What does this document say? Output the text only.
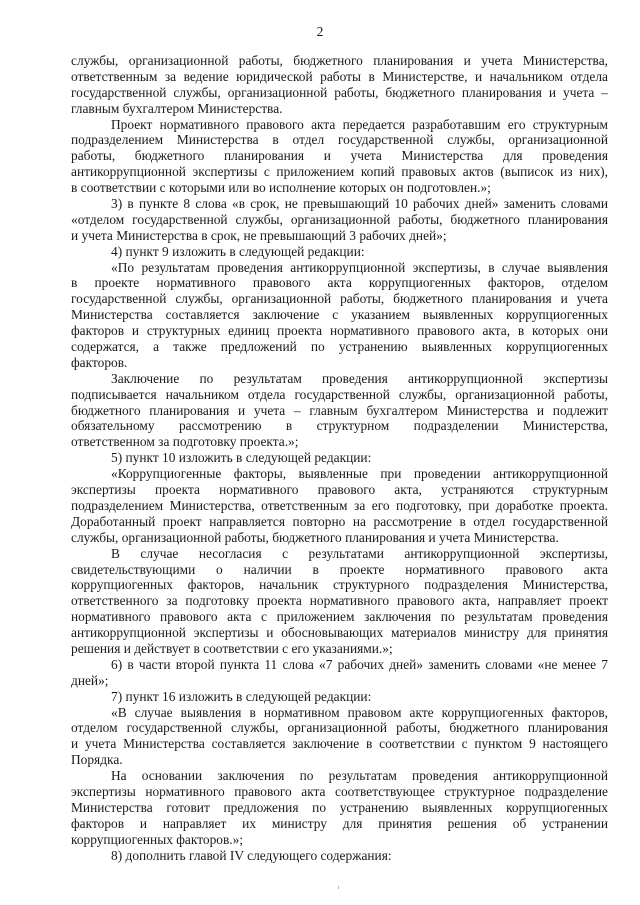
2
службы, организационной работы, бюджетного планирования и учета Министерства,
ответственным за ведение юридической работы в Министерстве, и начальником отдела
государственной службы, организационной работы, бюджетного планирования и учета –
главным бухгалтером Министерства.
Проект нормативного правового акта передается разработавшим его структурным
подразделением Министерства в отдел государственной службы, организационной
работы, бюджетного планирования и учета Министерства для проведения
антикоррупционной экспертизы с приложением копий правовых актов (выписок из них),
в соответствии с которыми или во исполнение которых он подготовлен.»;
3) в пункте 8 слова «в срок, не превышающий 10 рабочих дней» заменить словами
«отделом государственной службы, организационной работы, бюджетного планирования
и учета Министерства в срок, не превышающий 3 рабочих дней»;
4) пункт 9 изложить в следующей редакции:
«По результатам проведения антикоррупционной экспертизы, в случае выявления
в проекте нормативного правового акта коррупциогенных факторов, отделом
государственной службы, организационной работы, бюджетного планирования и учета
Министерства составляется заключение с указанием выявленных коррупциогенных
факторов и структурных единиц проекта нормативного правового акта, в которых они
содержатся, а также предложений по устранению выявленных коррупциогенных
факторов.
Заключение по результатам проведения антикоррупционной экспертизы
подписывается начальником отдела государственной службы, организационной работы,
бюджетного планирования и учета – главным бухгалтером Министерства и подлежит
обязательному рассмотрению в структурном подразделении Министерства,
ответственном за подготовку проекта.»;
5) пункт 10 изложить в следующей редакции:
«Коррупциогенные факторы, выявленные при проведении антикоррупционной
экспертизы проекта нормативного правового акта, устраняются структурным
подразделением Министерства, ответственным за его подготовку, при доработке проекта.
Доработанный проект направляется повторно на рассмотрение в отдел государственной
службы, организационной работы, бюджетного планирования и учета Министерства.
В случае несогласия с результатами антикоррупционной экспертизы,
свидетельствующими о наличии в проекте нормативного правового акта
коррупциогенных факторов, начальник структурного подразделения Министерства,
ответственного за подготовку проекта нормативного правового акта, направляет проект
нормативного правового акта с приложением заключения по результатам проведения
антикоррупционной экспертизы и обосновывающих материалов министру для принятия
решения и действует в соответствии с его указаниями.»;
6) в части второй пункта 11 слова «7 рабочих дней» заменить словами «не менее 7
дней»;
7) пункт 16 изложить в следующей редакции:
«В случае выявления в нормативном правовом акте коррупциогенных факторов,
отделом государственной службы, организационной работы, бюджетного планирования
и учета Министерства составляется заключение в соответствии с пунктом 9 настоящего
Порядка.
На основании заключения по результатам проведения антикоррупционной
экспертизы нормативного правового акта соответствующее структурное подразделение
Министерства готовит предложения по устранению выявленных коррупциогенных
факторов и направляет их министру для принятия решения об устранении
коррупциогенных факторов.»;
8) дополнить главой IV следующего содержания:
